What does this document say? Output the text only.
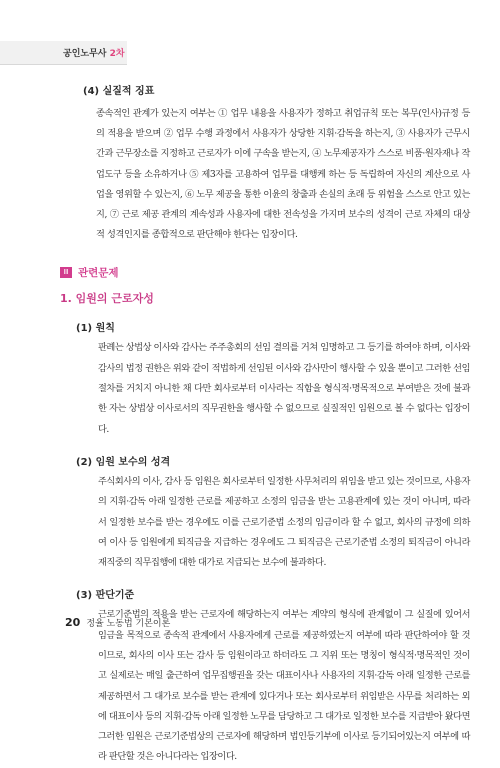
공인노무사 2차
(4) 실질적 징표
종속적인 관계가 있는지 여부는 ① 업무 내용을 사용자가 정하고 취업규칙 또는 복무(인사)규정 등의 적용을 받으며 ② 업무 수행 과정에서 사용자가 상당한 지휘·감독을 하는지, ③ 사용자가 근무시간과 근무장소를 지정하고 근로자가 이에 구속을 받는지, ④ 노무제공자가 스스로 비품·원자재나 작업도구 등을 소유하거나 ⑤ 제3자를 고용하여 업무를 대행케 하는 등 독립하여 자신의 계산으로 사업을 영위할 수 있는지, ⑥ 노무 제공을 통한 이윤의 창출과 손실의 초래 등 위험을 스스로 안고 있는지, ⑦ 근로 제공 관계의 계속성과 사용자에 대한 전속성을 가지며 보수의 성격이 근로 자체의 대상적 성격인지를 종합적으로 판단해야 한다는 입장이다.
Ⅲ 관련문제
1. 임원의 근로자성
(1) 원칙
판례는 상법상 이사와 감사는 주주총회의 선임 결의를 거쳐 임명하고 그 등기를 하여야 하며, 이사와 감사의 법정 권한은 위와 같이 적법하게 선임된 이사와 감사만이 행사할 수 있을 뿐이고 그러한 선임절차를 거치지 아니한 채 다만 회사로부터 이사라는 직함을 형식적·명목적으로 부여받은 것에 불과한 자는 상법상 이사로서의 직무권한을 행사할 수 없으므로 실질적인 임원으로 볼 수 없다는 입장이다.
(2) 임원 보수의 성격
주식회사의 이사, 감사 등 임원은 회사로부터 일정한 사무처리의 위임을 받고 있는 것이므로, 사용자의 지휘·감독 아래 일정한 근로를 제공하고 소정의 임금을 받는 고용관계에 있는 것이 아니며, 따라서 일정한 보수를 받는 경우에도 이를 근로기준법 소정의 임금이라 할 수 없고, 회사의 규정에 의하여 이사 등 임원에게 퇴직금을 지급하는 경우에도 그 퇴직금은 근로기준법 소정의 퇴직금이 아니라 재직중의 직무집행에 대한 대가로 지급되는 보수에 불과하다.
(3) 판단기준
근로기준법의 적용을 받는 근로자에 해당하는지 여부는 계약의 형식에 관계없이 그 실질에 있어서 임금을 목적으로 종속적 관계에서 사용자에게 근로를 제공하였는지 여부에 따라 판단하여야 할 것이므로, 회사의 이사 또는 감사 등 임원이라고 하더라도 그 지위 또는 명칭이 형식적·명목적인 것이고 실제로는 매일 출근하여 업무집행권을 갖는 대표이사나 사용자의 지휘·감독 아래 일정한 근로를 제공하면서 그 대가로 보수를 받는 관계에 있다거나 또는 회사로부터 위임받은 사무를 처리하는 외에 대표이사 등의 지휘·감독 아래 일정한 노무를 담당하고 그 대가로 일정한 보수를 지급받아 왔다면 그러한 임원은 근로기준법상의 근로자에 해당하며 법인등기부에 이사로 등기되어있는지 여부에 따라 판단할 것은 아니다라는 입장이다.
20 정율 노동법 기본이론
